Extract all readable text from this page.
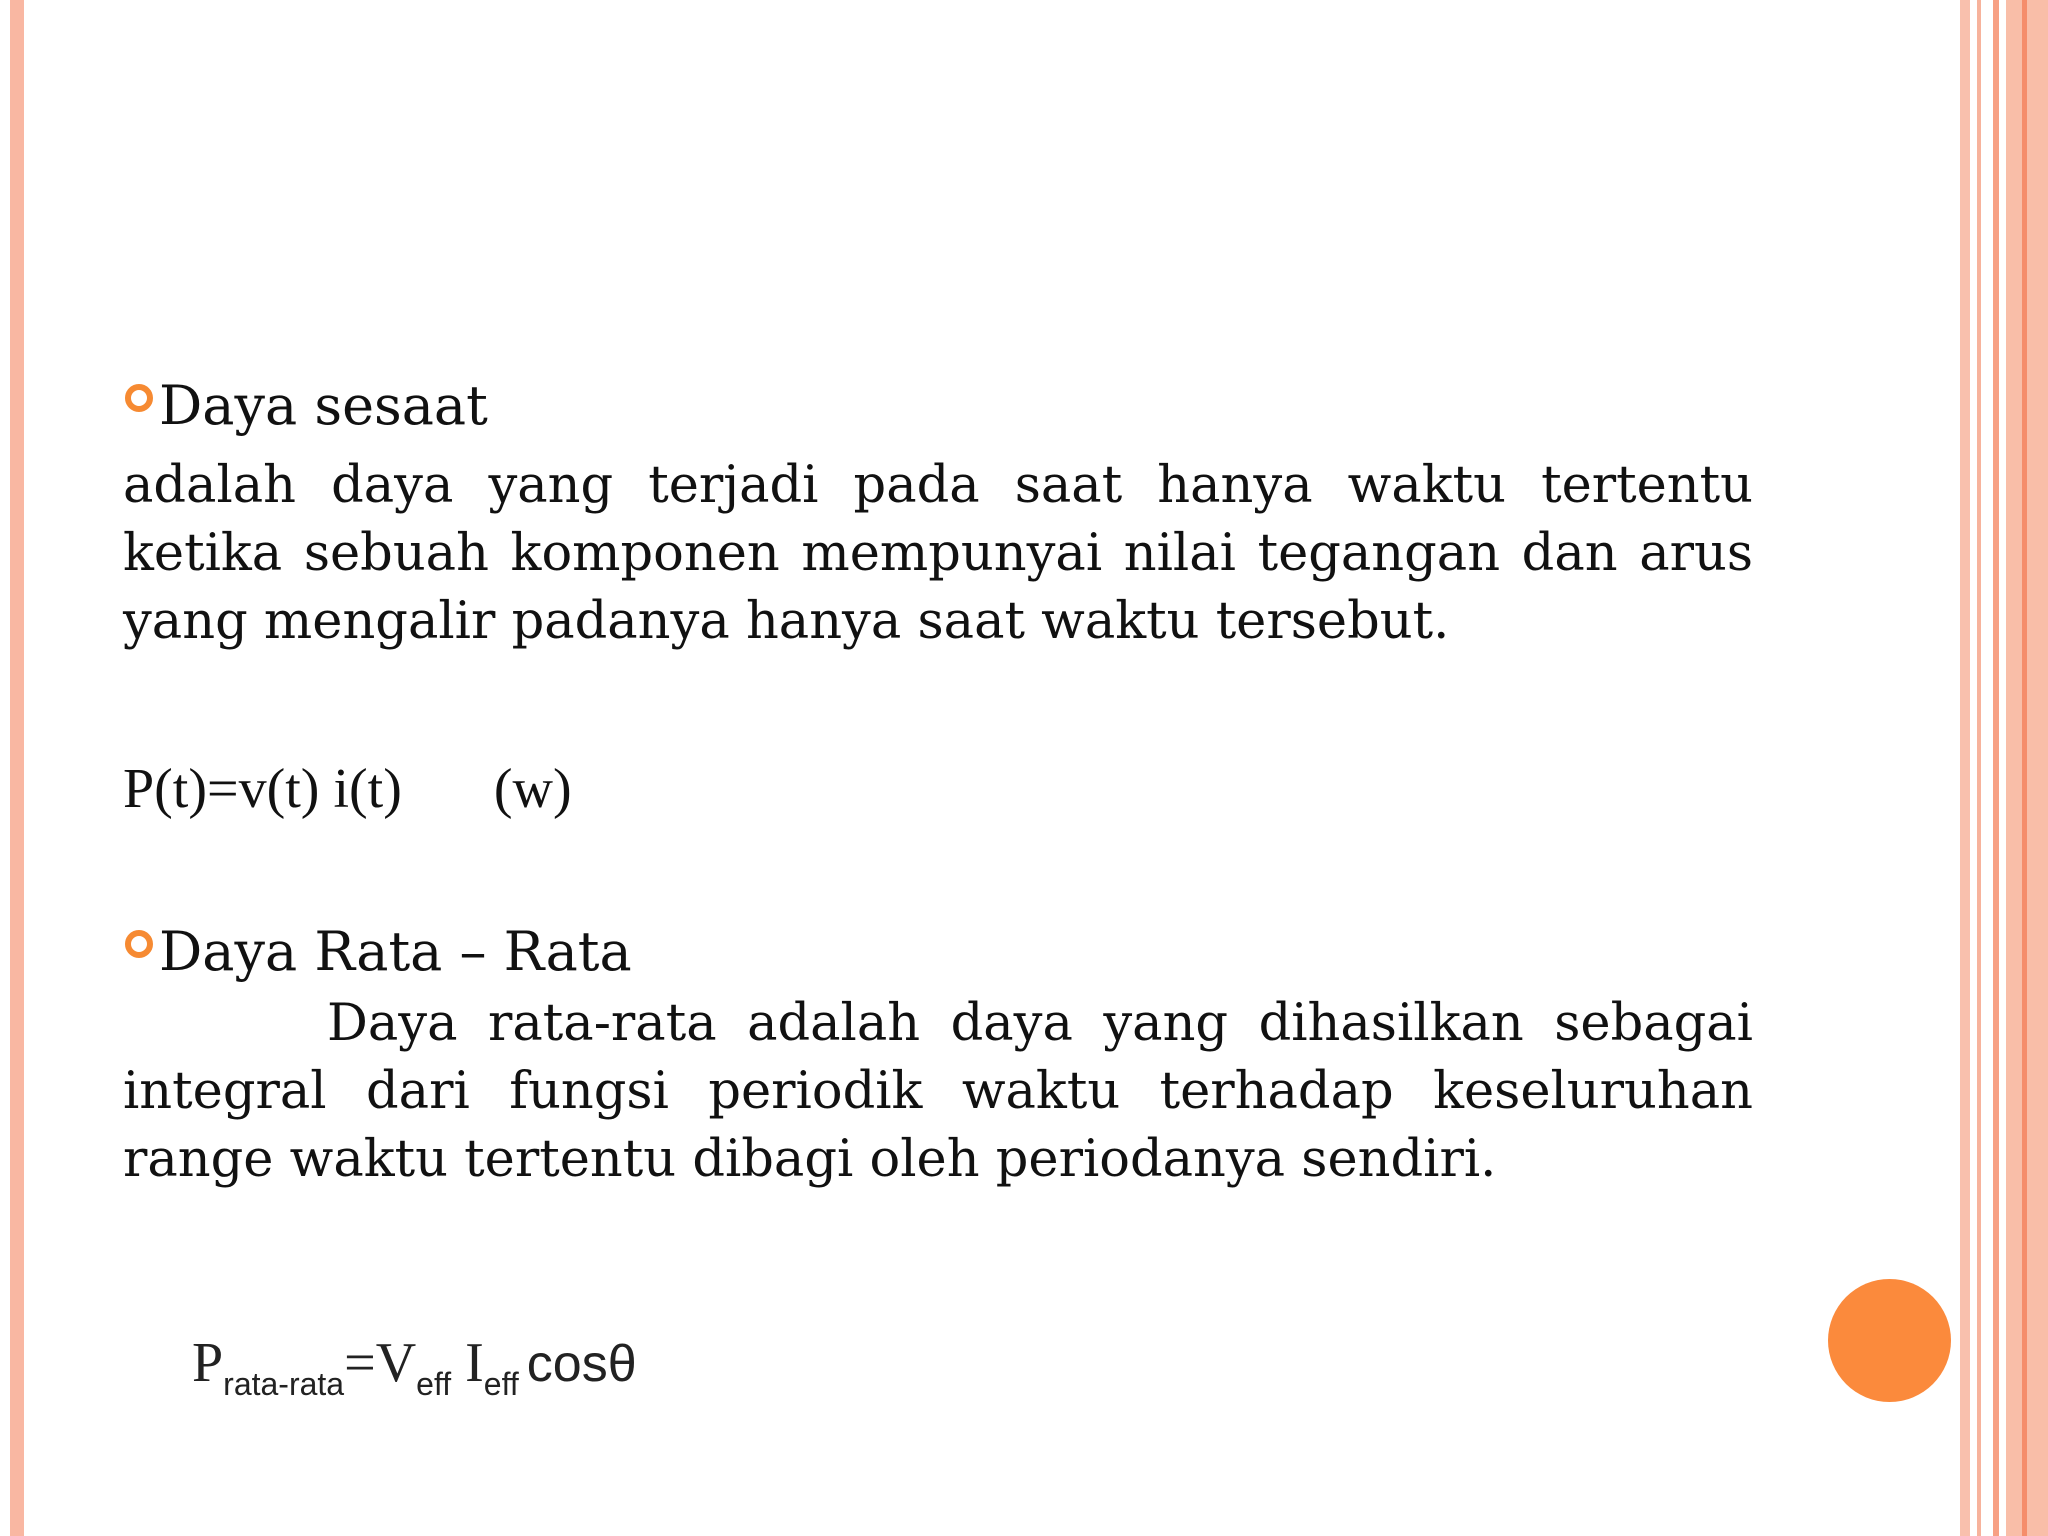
Daya sesaat

adalah daya yang terjadi pada saat hanya waktu tertentu ketika sebuah komponen mempunyai nilai tegangan dan arus yang mengalir padanya hanya saat waktu tersebut.

P(t)=v(t) i(t) (w)
Daya Rata – Rata

Daya rata-rata adalah daya yang dihasilkan sebagai integral dari fungsi periodik waktu terhadap keseluruhan range waktu tertentu dibagi oleh periodanya sendiri.

$P_{rata-rata}=V_{eff}$ $I_{eff}$ cosθ
